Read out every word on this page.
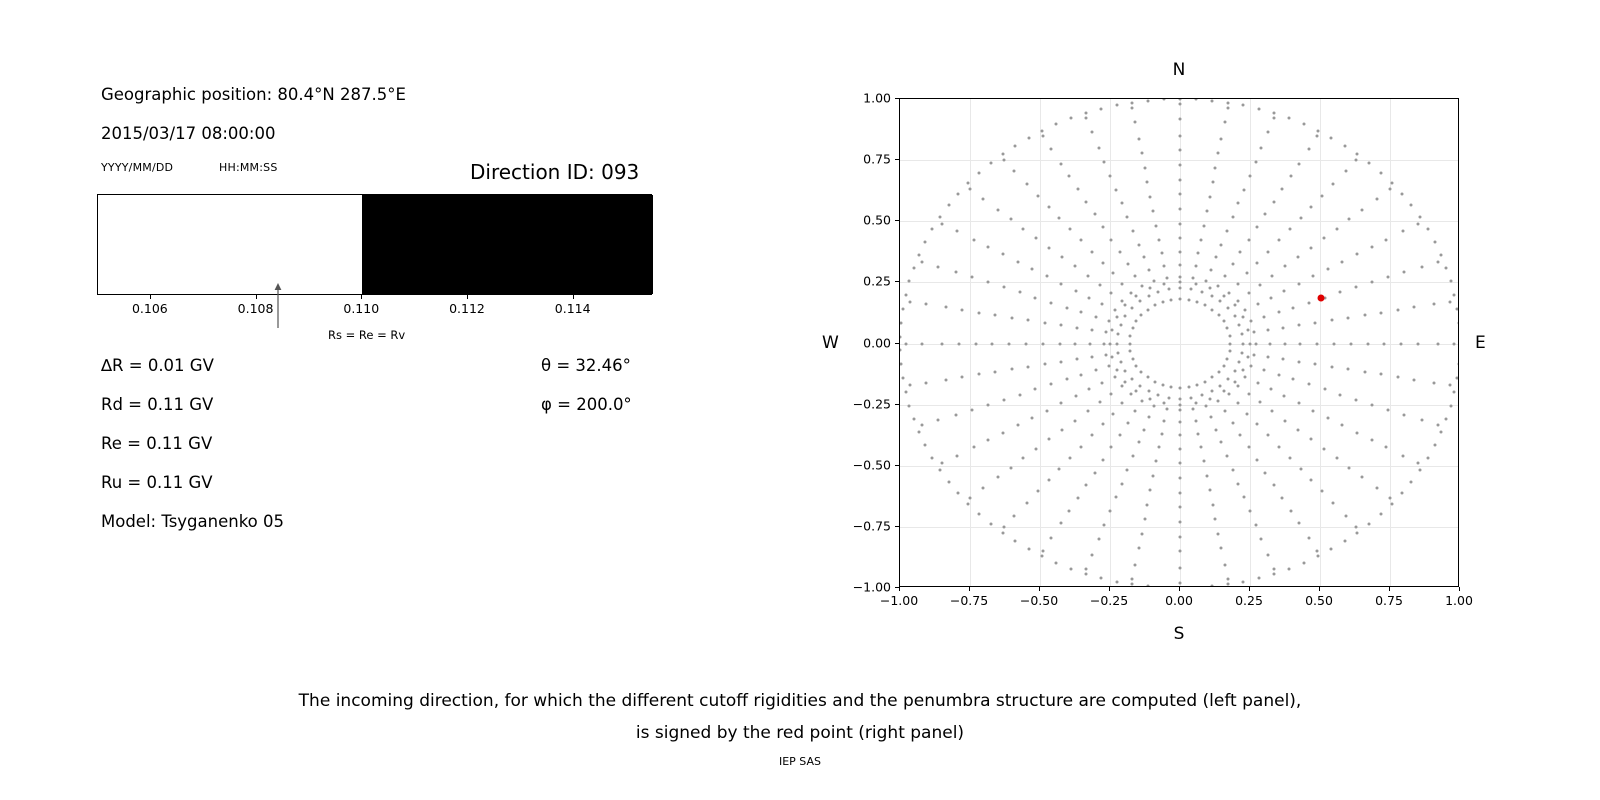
Geographic position: 80.4°N 287.5°E
2015/03/17 08:00:00
YYYY/MM/DD	HH:MM:SS	Direction ID: 093
0.106	0.108	0.110	0.112	0.114
Rs = Re = Rv
∆R = 0.01 GV
Rd = 0.11 GV
Re = 0.11 GV
Ru = 0.11 GV
Model: Tsyganenko 05
θ = 32.46°
φ = 200.0°
N
S
W	E
−1.00	−0.75	−0.50	−0.25	0.00	0.25	0.50	0.75	1.00
−1.00
−0.75
−0.50
−0.25
0.00
0.25
0.50
0.75
1.00
The incoming direction, for which the different cutoff rigidities and the penumbra structure are computed (left panel),
is signed by the red point (right panel)
IEP SAS
